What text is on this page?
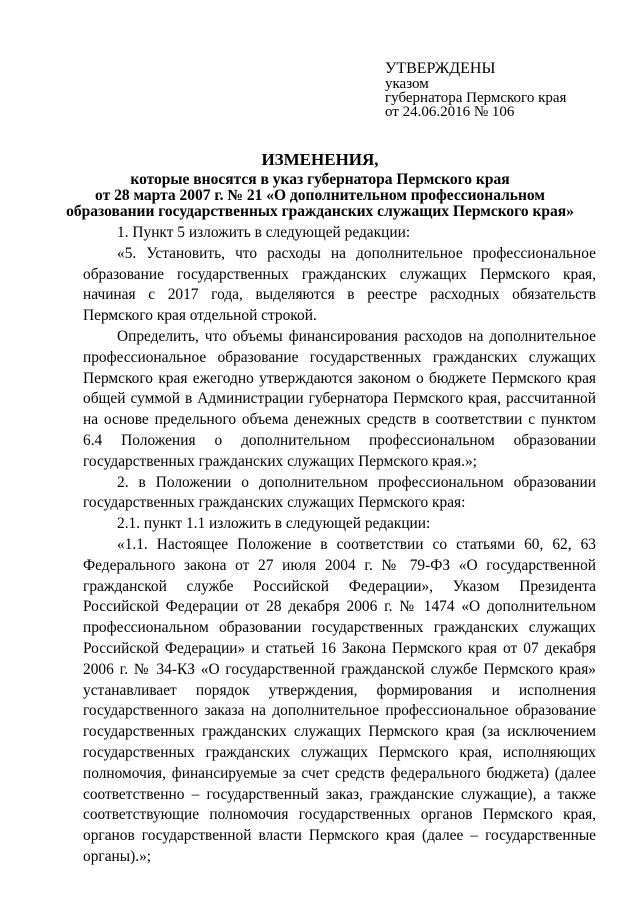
УТВЕРЖДЕНЫ
указом
губернатора Пермского края
от 24.06.2016 № 106
ИЗМЕНЕНИЯ,
которые вносятся в указ губернатора Пермского края
от 28 марта 2007 г. № 21 «О дополнительном профессиональном
образовании государственных гражданских служащих Пермского края»

1. Пункт 5 изложить в следующей редакции:

«5. Установить, что расходы на дополнительное профессиональное образование государственных гражданских служащих Пермского края, начиная с 2017 года, выделяются в реестре расходных обязательств Пермского края отдельной строкой.

Определить, что объемы финансирования расходов на дополнительное профессиональное образование государственных гражданских служащих Пермского края ежегодно утверждаются законом о бюджете Пермского края общей суммой в Администрации губернатора Пермского края, рассчитанной на основе предельного объема денежных средств в соответствии с пунктом 6.4 Положения о дополнительном профессиональном образовании государственных гражданских служащих Пермского края.»;

2. в Положении о дополнительном профессиональном образовании государственных гражданских служащих Пермского края:

2.1. пункт 1.1 изложить в следующей редакции:

«1.1. Настоящее Положение в соответствии со статьями 60, 62, 63 Федерального закона от 27 июля 2004 г. № 79-ФЗ «О государственной гражданской службе Российской Федерации», Указом Президента Российской Федерации от 28 декабря 2006 г. № 1474 «О дополнительном профессиональном образовании государственных гражданских служащих Российской Федерации» и статьей 16 Закона Пермского края от 07 декабря 2006 г. № 34-КЗ «О государственной гражданской службе Пермского края» устанавливает порядок утверждения, формирования и исполнения государственного заказа на дополнительное профессиональное образование государственных гражданских служащих Пермского края (за исключением государственных гражданских служащих Пермского края, исполняющих полномочия, финансируемые за счет средств федерального бюджета) (далее соответственно – государственный заказ, гражданские служащие), а также соответствующие полномочия государственных органов Пермского края, органов государственной власти Пермского края (далее – государственные органы).»;
